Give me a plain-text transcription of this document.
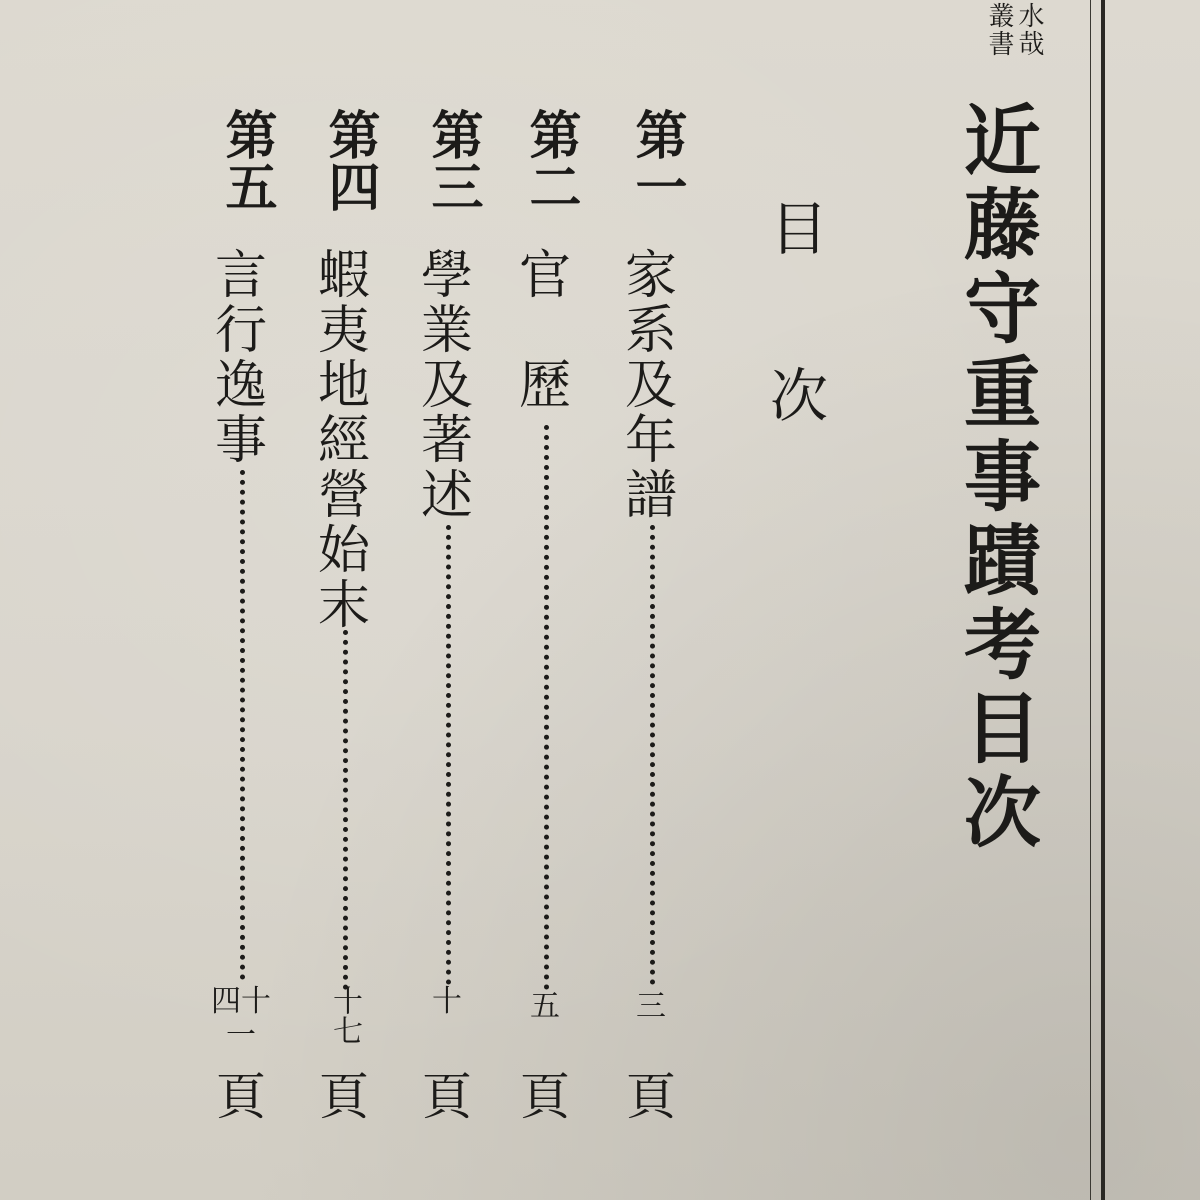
水哉
叢書
近藤守重事蹟考目次
目
次
第一
家
系
及
年
譜
三
頁
第二
官
歷
五
頁
第三
學
業
及
著
述
十
頁
第四
蝦
夷
地
經
營
始
末
十七
頁
第五
言
行
逸
事
四十一
頁
